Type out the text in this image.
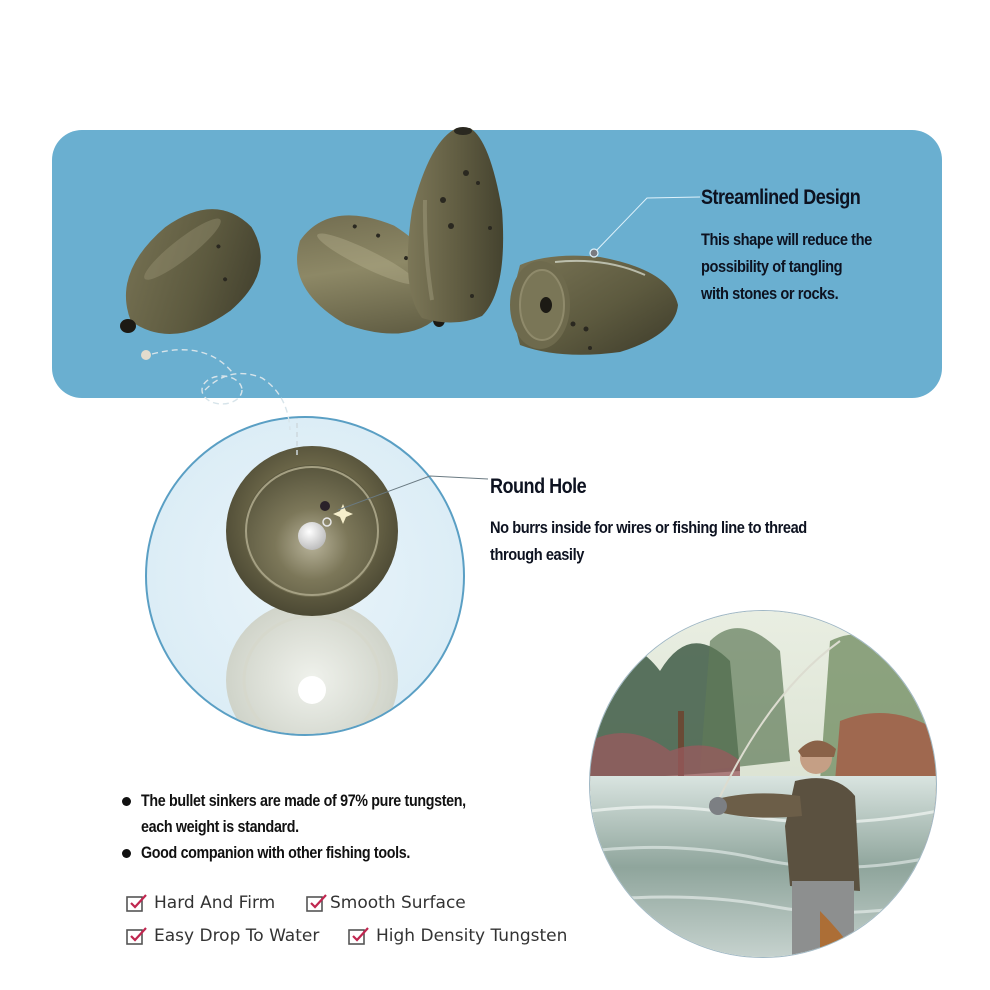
Streamlined Design
This shape will reduce the
possibility of tangling
with stones or rocks.
Round Hole
No burrs inside for wires or fishing line to thread
through easily
The bullet sinkers are made of 97% pure tungsten,
each weight is standard.
Good companion with other fishing tools.
Hard And Firm	Smooth Surface
Easy Drop To Water	High Density Tungsten
